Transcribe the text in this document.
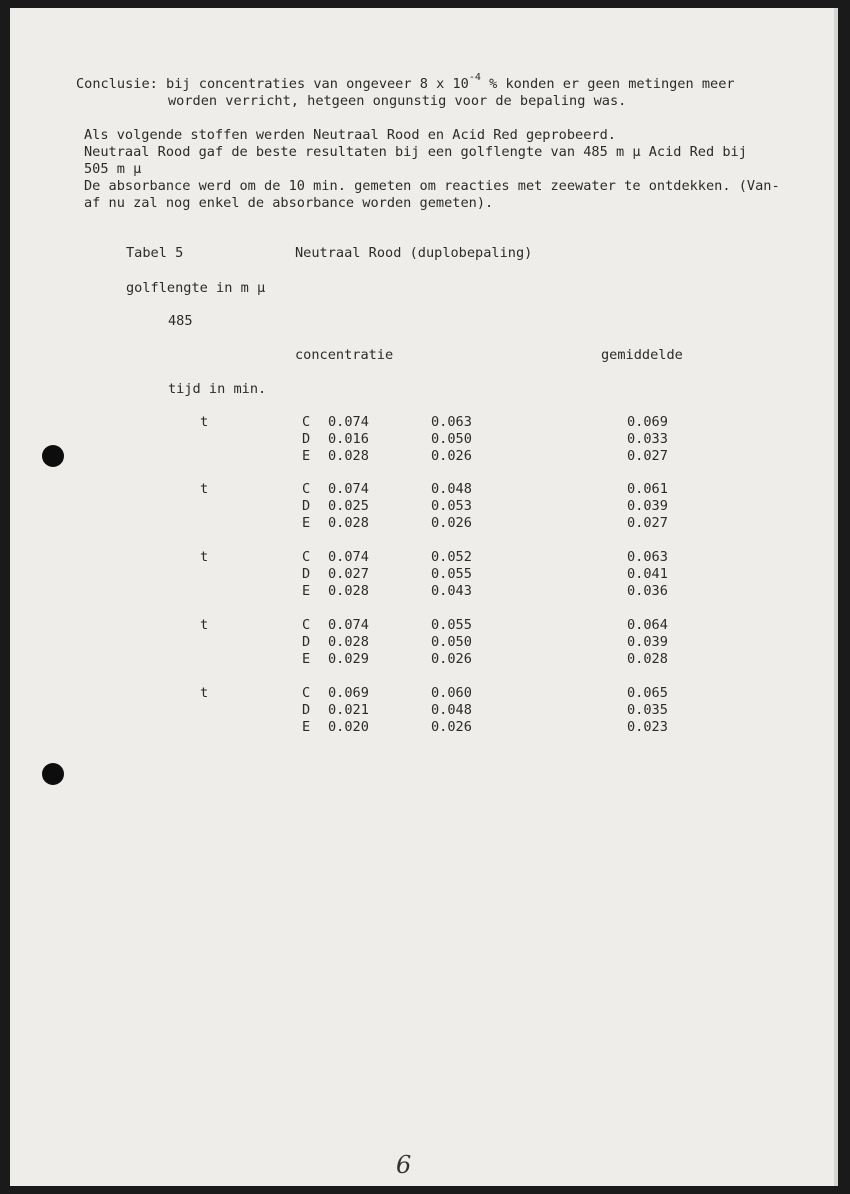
Conclusie: bij concentraties van ongeveer 8 x $10^{-4}$ % konden er geen metingen meer
worden verricht, hetgeen ongunstig voor de bepaling was.
Als volgende stoffen werden Neutraal Rood en Acid Red geprobeerd.
Neutraal Rood gaf de beste resultaten bij een golflengte van 485 m μ Acid Red bij
505 m μ
De absorbance werd om de 10 min. gemeten om reacties met zeewater te ontdekken. (Van-
af nu zal nog enkel de absorbance worden gemeten).
Tabel 5	Neutraal Rood (duplobepaling)
golflengte in m μ
485
concentratie	gemiddelde
tijd in min.
6
t	C 0.074	0.063	0.069
D 0.016	0.050	0.033
E 0.028	0.026	0.027
t	C 0.074	0.048	0.061
D 0.025	0.053	0.039
E 0.028	0.026	0.027
t	C 0.074	0.052	0.063
D 0.027	0.055	0.041
E 0.028	0.043	0.036
t	C 0.074	0.055	0.064
D 0.028	0.050	0.039
E 0.029	0.026	0.028
t	C 0.069	0.060	0.065
D 0.021	0.048	0.035
E 0.020	0.026	0.023
